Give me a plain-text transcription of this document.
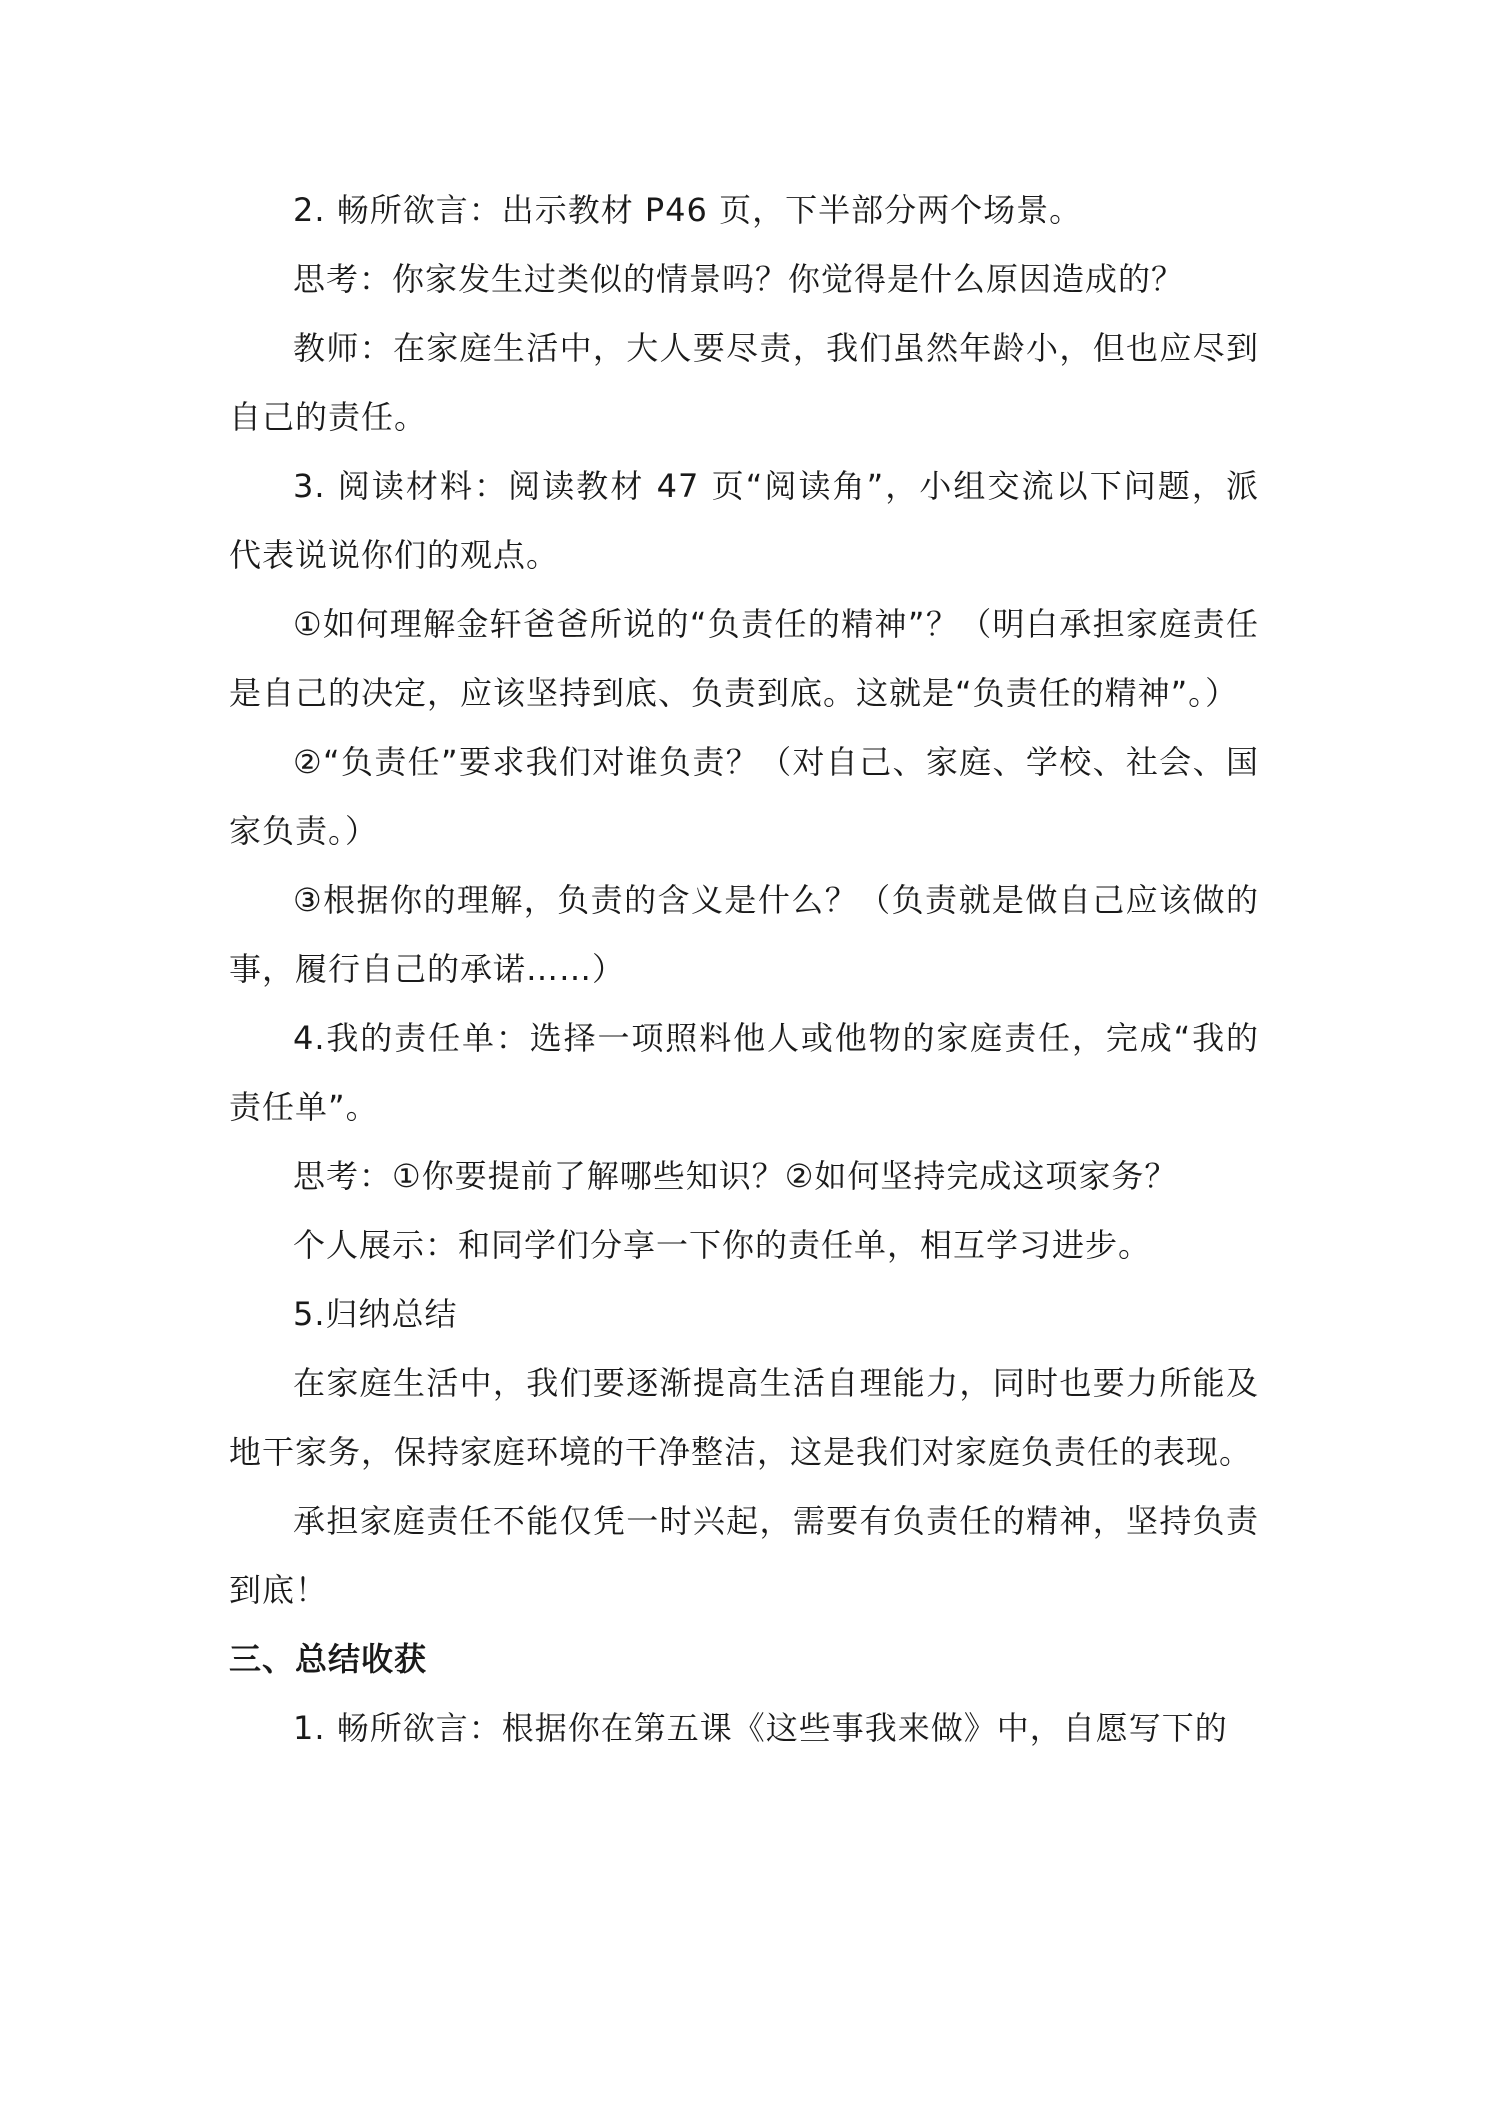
2. 畅所欲言：出示教材 P46 页，下半部分两个场景。

思考：你家发生过类似的情景吗？你觉得是什么原因造成的？

教师：在家庭生活中，大人要尽责，我们虽然年龄小，但也应尽到自己的责任。

3. 阅读材料：阅读教材 47 页“阅读角”，小组交流以下问题，派代表说说你们的观点。

①如何理解金轩爸爸所说的“负责任的精神”？（明白承担家庭责任是自己的决定，应该坚持到底、负责到底。这就是“负责任的精神”。）

②“负责任”要求我们对谁负责？（对自己、家庭、学校、社会、国家负责。）

③根据你的理解，负责的含义是什么？（负责就是做自己应该做的事，履行自己的承诺……）

4.我的责任单：选择一项照料他人或他物的家庭责任，完成“我的责任单”。

思考：①你要提前了解哪些知识？②如何坚持完成这项家务？

个人展示：和同学们分享一下你的责任单，相互学习进步。

5.归纳总结

在家庭生活中，我们要逐渐提高生活自理能力，同时也要力所能及地干家务，保持家庭环境的干净整洁，这是我们对家庭负责任的表现。

承担家庭责任不能仅凭一时兴起，需要有负责任的精神，坚持负责到底！

三、总结收获

1. 畅所欲言：根据你在第五课《这些事我来做》中，自愿写下的
